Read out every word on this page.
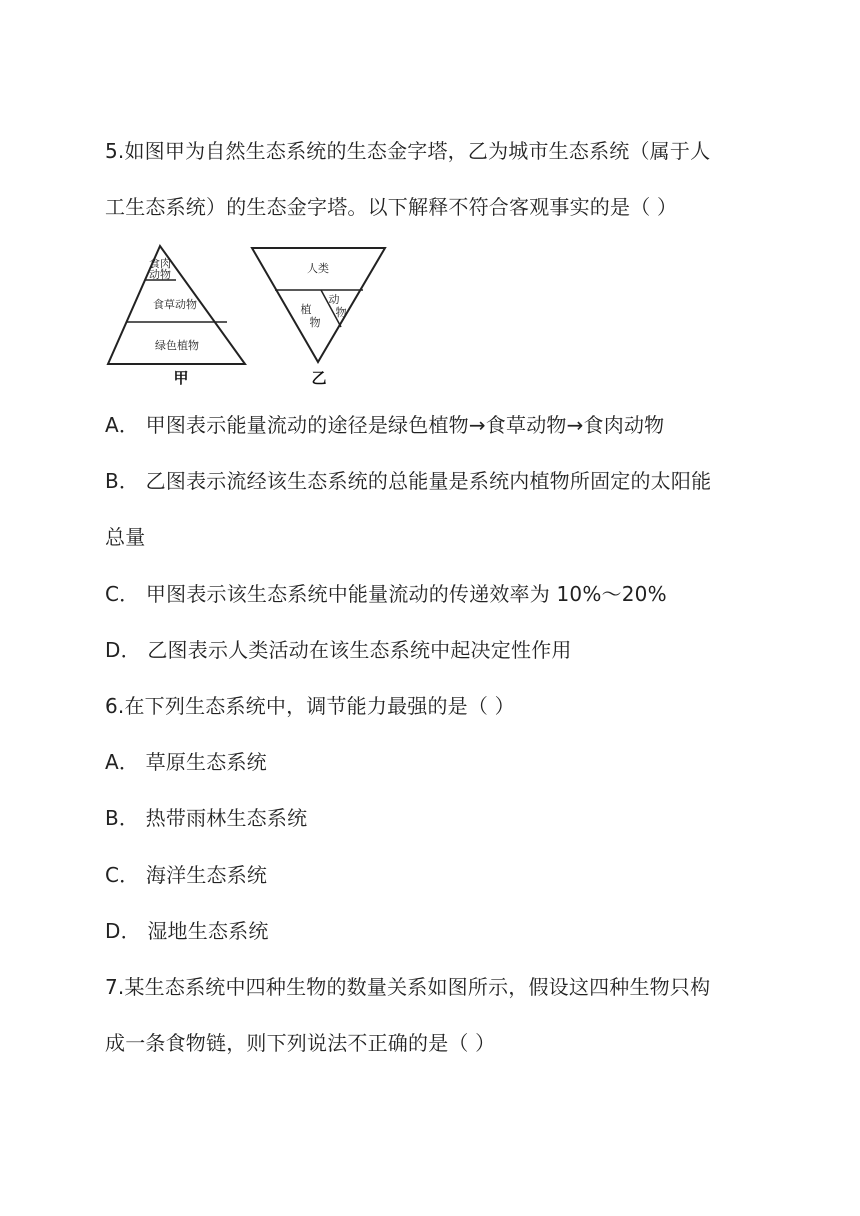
5.如图甲为自然生态系统的生态金字塔，乙为城市生态系统（属于人
工生态系统）的生态金字塔。以下解释不符合客观事实的是（ ）
食肉
动物
食草动物
绿色植物
甲
人类
植
物
动
物
乙
A． 甲图表示能量流动的途径是绿色植物→食草动物→食肉动物
B． 乙图表示流经该生态系统的总能量是系统内植物所固定的太阳能
总量
C． 甲图表示该生态系统中能量流动的传递效率为 10%～20%
D． 乙图表示人类活动在该生态系统中起决定性作用
6.在下列生态系统中，调节能力最强的是（ ）
A． 草原生态系统
B． 热带雨林生态系统
C． 海洋生态系统
D． 湿地生态系统
7.某生态系统中四种生物的数量关系如图所示，假设这四种生物只构
成一条食物链，则下列说法不正确的是（ ）
